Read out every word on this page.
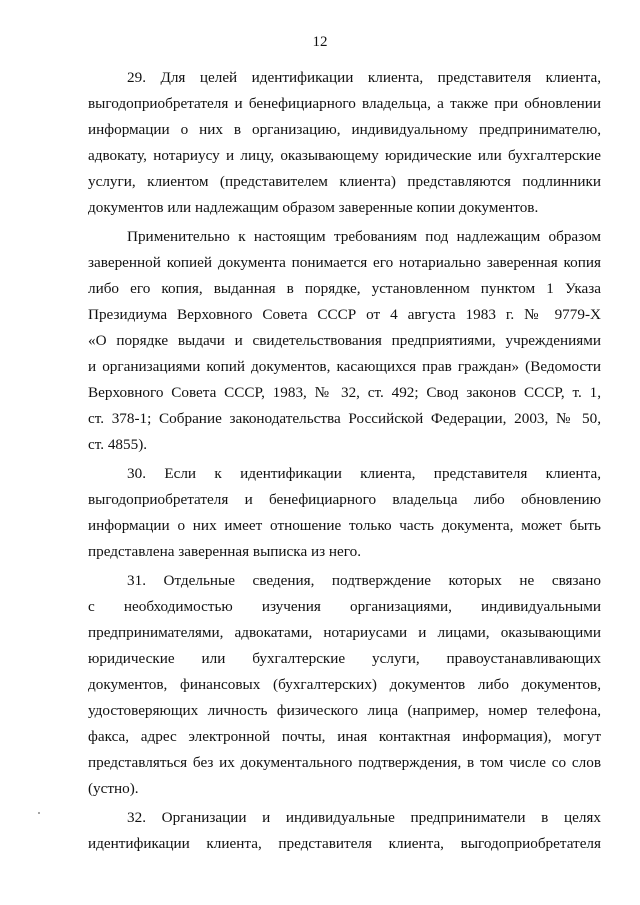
12
29. Для целей идентификации клиента, представителя клиента,
выгодоприобретателя и бенефициарного владельца, а также при обновлении
информации о них в организацию, индивидуальному предпринимателю,
адвокату, нотариусу и лицу, оказывающему юридические или бухгалтерские
услуги, клиентом (представителем клиента) представляются подлинники
документов или надлежащим образом заверенные копии документов.
Применительно к настоящим требованиям под надлежащим образом
заверенной копией документа понимается его нотариально заверенная копия
либо его копия, выданная в порядке, установленном пунктом 1 Указа
Президиума Верховного Совета СССР от 4 августа 1983 г. № 9779-X
«О порядке выдачи и свидетельствования предприятиями, учреждениями
и организациями копий документов, касающихся прав граждан» (Ведомости
Верховного Совета СССР, 1983, № 32, ст. 492; Свод законов СССР, т. 1,
ст. 378-1; Собрание законодательства Российской Федерации, 2003, № 50,
ст. 4855).
30. Если к идентификации клиента, представителя клиента,
выгодоприобретателя и бенефициарного владельца либо обновлению
информации о них имеет отношение только часть документа, может быть
представлена заверенная выписка из него.
31. Отдельные сведения, подтверждение которых не связано
с необходимостью изучения организациями, индивидуальными
предпринимателями, адвокатами, нотариусами и лицами, оказывающими
юридические или бухгалтерские услуги, правоустанавливающих
документов, финансовых (бухгалтерских) документов либо документов,
удостоверяющих личность физического лица (например, номер телефона,
факса, адрес электронной почты, иная контактная информация), могут
представляться без их документального подтверждения, в том числе со слов
(устно).
32. Организации и индивидуальные предприниматели в целях
идентификации клиента, представителя клиента, выгодоприобретателя
